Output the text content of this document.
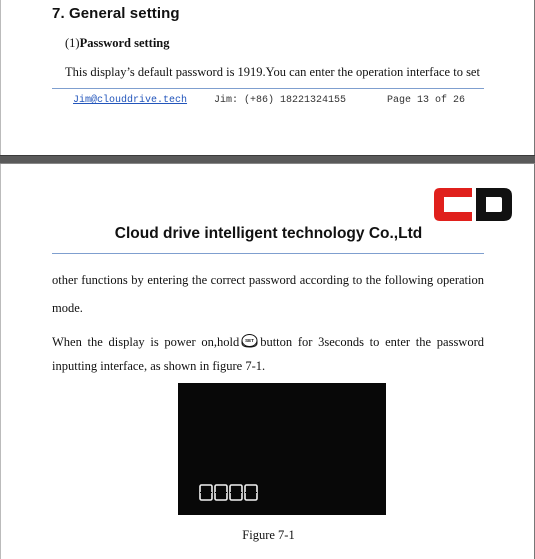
7. General setting
(1)Password setting
This display’s default password is 1919.You can enter the operation interface to set
Jim@clouddrive.tech	Jim: (+86) 18221324155	Page 13 of 26
Cloud drive intelligent technology Co.,Ltd
other functions by entering the correct password according to the following operation
mode.
When the display is power on,hold SET button for 3seconds to enter the password
inputting interface, as shown in figure 7-1.
Figure 7-1
